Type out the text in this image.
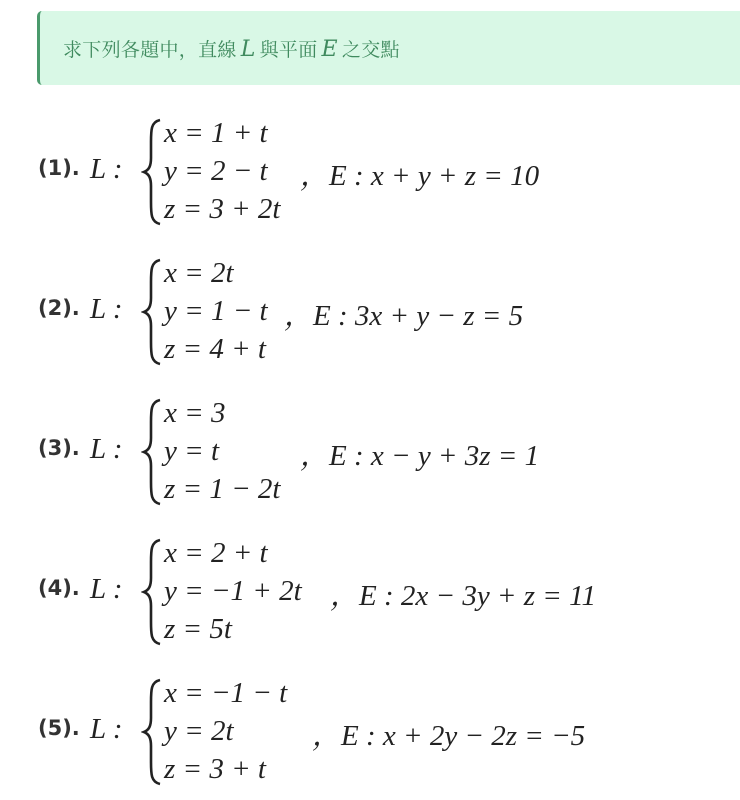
求下列各題中，直線 L 與平面 E 之交點
(1). L :
x = 1 + t
y = 2 − t
z = 3 + 2t
，E : x + y + z = 10
(2). L :
x = 2t
y = 1 − t
z = 4 + t
，E : 3x + y − z = 5
(3). L :
x = 3
y = t
z = 1 − 2t
，E : x − y + 3z = 1
(4). L :
x = 2 + t
y = −1 + 2t
z = 5t
，E : 2x − 3y + z = 11
(5). L :
x = −1 − t
y = 2t
z = 3 + t
，E : x + 2y − 2z = −5
